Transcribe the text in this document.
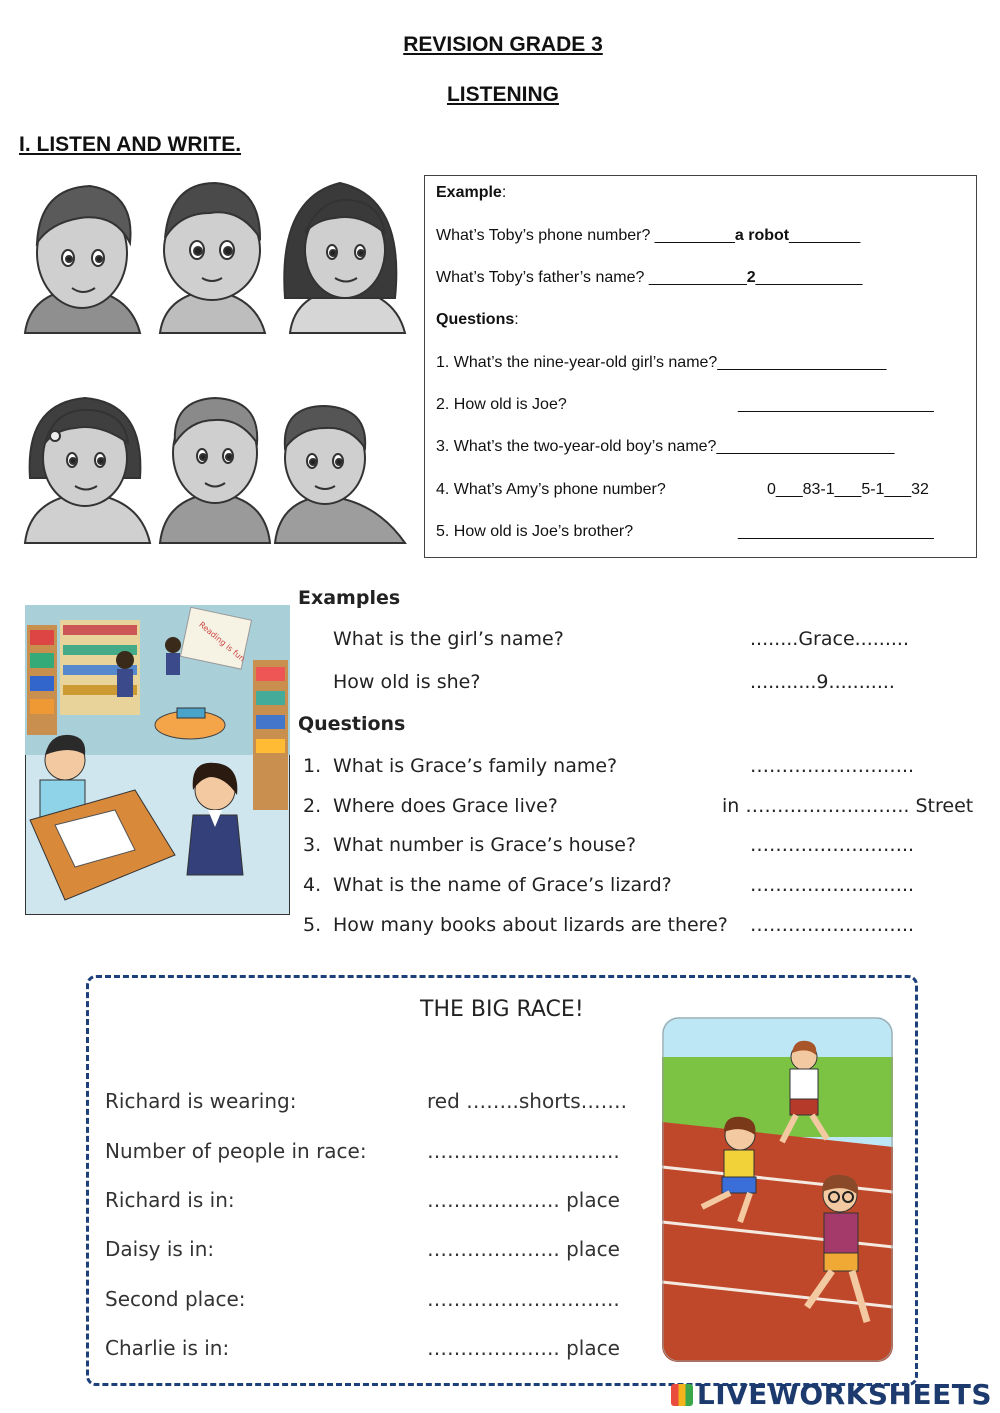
REVISION GRADE 3
LISTENING
I. LISTEN AND WRITE.
Example:
What’s Toby’s phone number? _________a robot________
What’s Toby’s father’s name? ___________2____________
Questions:
1. What’s the nine-year-old girl’s name?___________________
2. How old is Joe?	______________________
3. What’s the two-year-old boy’s name?____________________
4. What’s Amy’s phone number?	0___83-1___5-1___32
5. How old is Joe’s brother?	______________________
Reading is fun
Examples
What is the girl’s name?	........Grace.........
How old is she?	...........9...........
Questions
1. What is Grace’s family name?	……………………..
2. Where does Grace live?	in …………………….. Street
3. What number is Grace’s house?	……………………..
4. What is the name of Grace’s lizard?	……………………..
5. How many books about lizards are there? ……………………..
THE BIG RACE!
Richard is wearing:	red ……..shorts…….
Number of people in race:	………………………..
Richard is in:	……………….. place
Daisy is in:	……………….. place
Second place:	………………………..
Charlie is in:	……………….. place
LIVEWORKSHEETS
